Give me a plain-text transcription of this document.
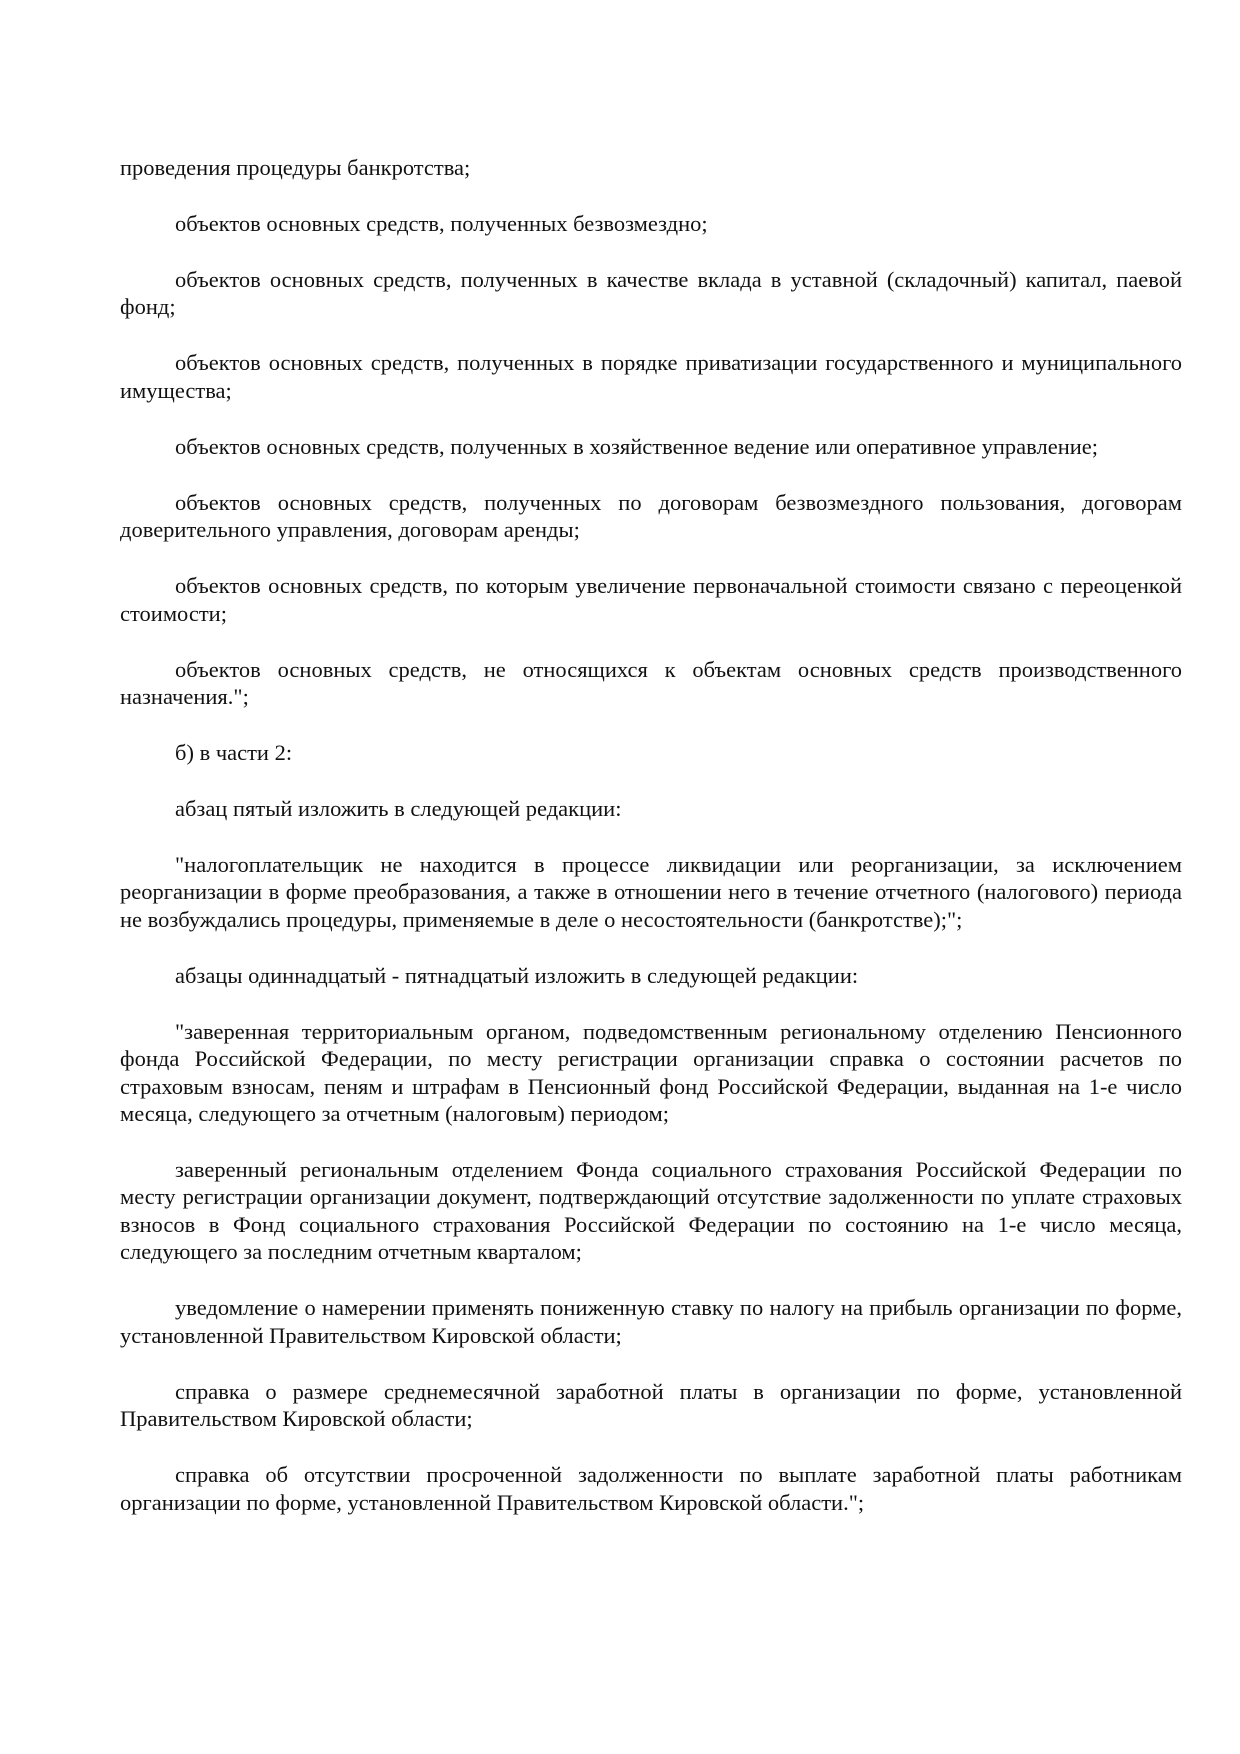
проведения процедуры банкротства;

объектов основных средств, полученных безвозмездно;

объектов основных средств, полученных в качестве вклада в уставной (складочный) капитал, паевой фонд;

объектов основных средств, полученных в порядке приватизации государственного и муниципального имущества;

объектов основных средств, полученных в хозяйственное ведение или оперативное управление;

объектов основных средств, полученных по договорам безвозмездного пользования, договорам доверительного управления, договорам аренды;

объектов основных средств, по которым увеличение первоначальной стоимости связано с переоценкой стоимости;

объектов основных средств, не относящихся к объектам основных средств производственного назначения.";

б) в части 2:

абзац пятый изложить в следующей редакции:

"налогоплательщик не находится в процессе ликвидации или реорганизации, за исключением реорганизации в форме преобразования, а также в отношении него в течение отчетного (налогового) периода не возбуждались процедуры, применяемые в деле о несостоятельности (банкротстве);";

абзацы одиннадцатый - пятнадцатый изложить в следующей редакции:

"заверенная территориальным органом, подведомственным региональному отделению Пенсионного фонда Российской Федерации, по месту регистрации организации справка о состоянии расчетов по страховым взносам, пеням и штрафам в Пенсионный фонд Российской Федерации, выданная на 1-е число месяца, следующего за отчетным (налоговым) периодом;

заверенный региональным отделением Фонда социального страхования Российской Федерации по месту регистрации организации документ, подтверждающий отсутствие задолженности по уплате страховых взносов в Фонд социального страхования Российской Федерации по состоянию на 1-е число месяца, следующего за последним отчетным кварталом;

уведомление о намерении применять пониженную ставку по налогу на прибыль организации по форме, установленной Правительством Кировской области;

справка о размере среднемесячной заработной платы в организации по форме, установленной Правительством Кировской области;

справка об отсутствии просроченной задолженности по выплате заработной платы работникам организации по форме, установленной Правительством Кировской области.";
